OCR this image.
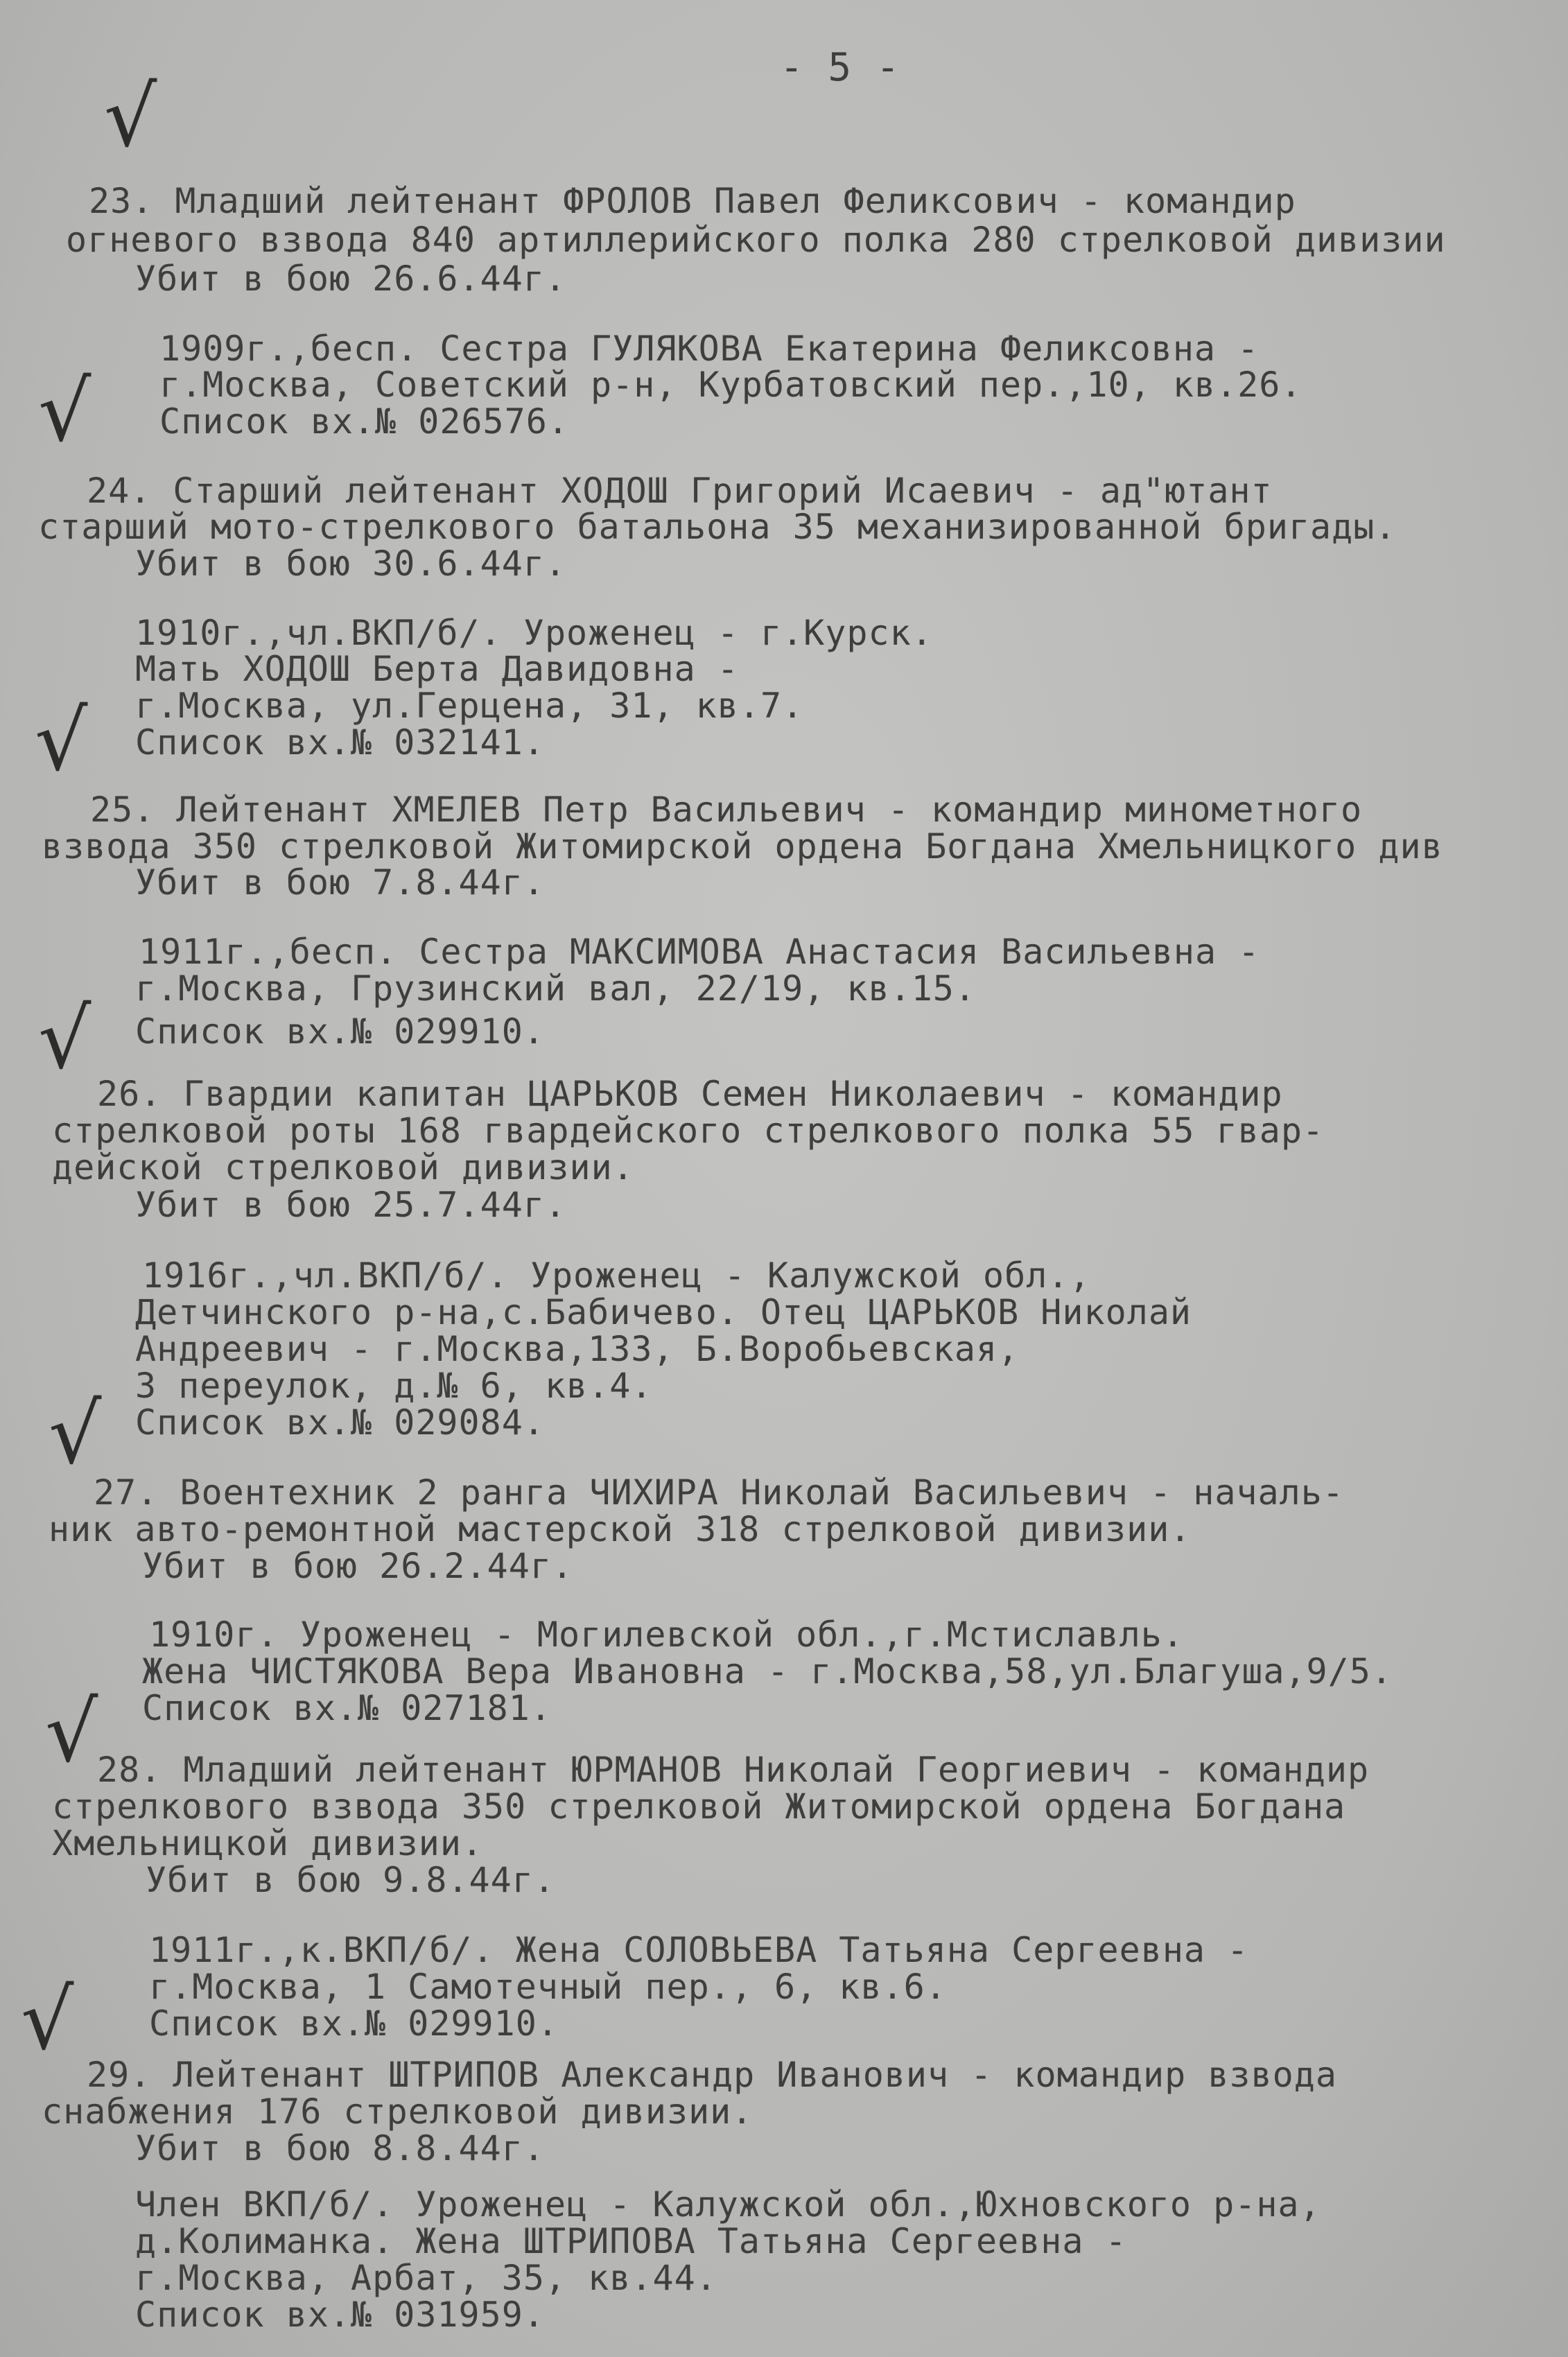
- 5 -
√
√
√
√
√
√
√
23. Младший лейтенант ФРОЛОВ Павел Феликсович - командир
огневого взвода 840 артиллерийского полка 280 стрелковой дивизии
Убит в бою 26.6.44г.
1909г.,бесп. Сестра ГУЛЯКОВА Екатерина Феликсовна -
г.Москва, Советский р-н, Курбатовский пер.,10, кв.26.
Список вх.№ 026576.
24. Старший лейтенант ХОДОШ Григорий Исаевич - ад"ютант
старший мото-стрелкового батальона 35 механизированной бригады.
Убит в бою 30.6.44г.
1910г.,чл.ВКП/б/. Уроженец - г.Курск.
Мать ХОДОШ Берта Давидовна -
г.Москва, ул.Герцена, 31, кв.7.
Список вх.№ 032141.
25. Лейтенант ХМЕЛЕВ Петр Васильевич - командир минометного
взвода 350 стрелковой Житомирской ордена Богдана Хмельницкого див
Убит в бою 7.8.44г.
1911г.,бесп. Сестра МАКСИМОВА Анастасия Васильевна -
г.Москва, Грузинский вал, 22/19, кв.15.
Список вх.№ 029910.
26. Гвардии капитан ЦАРЬКОВ Семен Николаевич - командир
стрелковой роты 168 гвардейского стрелкового полка 55 гвар-
дейской стрелковой дивизии.
Убит в бою 25.7.44г.
1916г.,чл.ВКП/б/. Уроженец - Калужской обл.,
Детчинского р-на,с.Бабичево. Отец ЦАРЬКОВ Николай
Андреевич - г.Москва,133, Б.Воробьевская,
3 переулок, д.№ 6, кв.4.
Список вх.№ 029084.
27. Воентехник 2 ранга ЧИХИРА Николай Васильевич - началь-
ник авто-ремонтной мастерской 318 стрелковой дивизии.
Убит в бою 26.2.44г.
1910г. Уроженец - Могилевской обл.,г.Мстиславль.
Жена ЧИСТЯКОВА Вера Ивановна - г.Москва,58,ул.Благуша,9/5.
Список вх.№ 027181.
28. Младший лейтенант ЮРМАНОВ Николай Георгиевич - командир
стрелкового взвода 350 стрелковой Житомирской ордена Богдана
Хмельницкой дивизии.
Убит в бою 9.8.44г.
1911г.,к.ВКП/б/. Жена СОЛОВЬЕВА Татьяна Сергеевна -
г.Москва, 1 Самотечный пер., 6, кв.6.
Список вх.№ 029910.
29. Лейтенант ШТРИПОВ Александр Иванович - командир взвода
снабжения 176 стрелковой дивизии.
Убит в бою 8.8.44г.
Член ВКП/б/. Уроженец - Калужской обл.,Юхновского р-на,
д.Колиманка. Жена ШТРИПОВА Татьяна Сергеевна -
г.Москва, Арбат, 35, кв.44.
Список вх.№ 031959.
